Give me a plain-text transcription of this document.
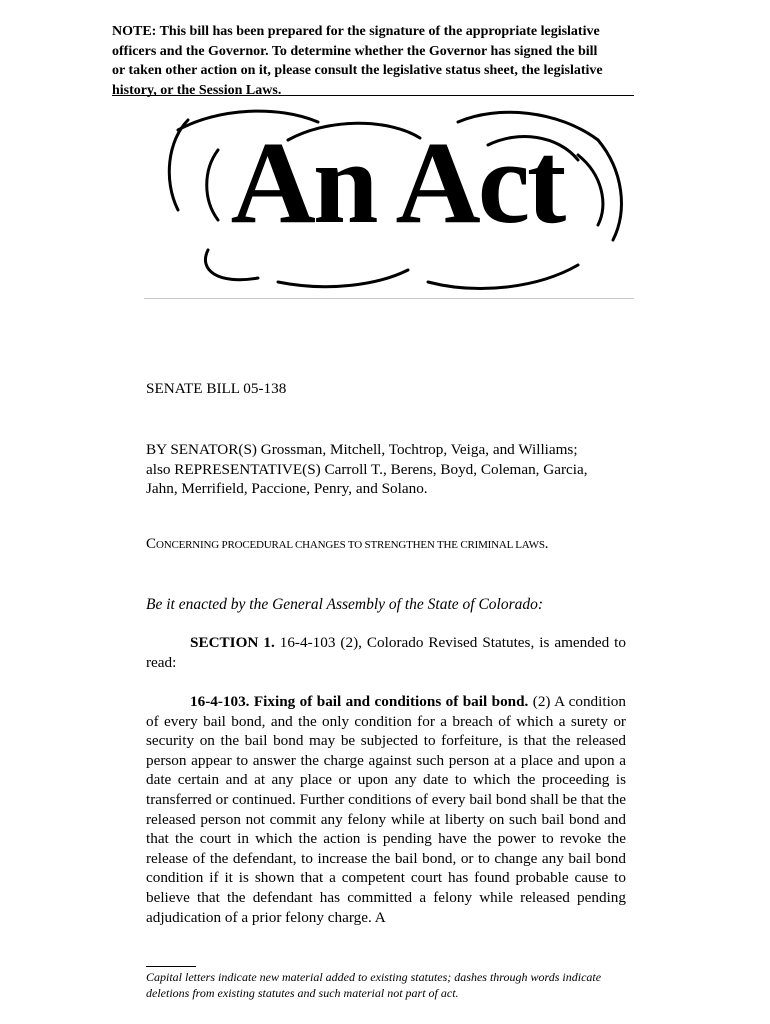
NOTE: This bill has been prepared for the signature of the appropriate legislative
officers and the Governor. To determine whether the Governor has signed the bill
or taken other action on it, please consult the legislative status sheet, the legislative
history, or the Session Laws.
An Act
SENATE BILL 05-138
BY SENATOR(S) Grossman, Mitchell, Tochtrop, Veiga, and Williams;
also REPRESENTATIVE(S) Carroll T., Berens, Boyd, Coleman, Garcia,
Jahn, Merrifield, Paccione, Penry, and Solano.
CONCERNING PROCEDURAL CHANGES TO STRENGTHEN THE CRIMINAL LAWS.
Be it enacted by the General Assembly of the State of Colorado:
SECTION 1. 16-4-103 (2), Colorado Revised Statutes, is amended to read:
16-4-103. Fixing of bail and conditions of bail bond. (2) A condition of every bail bond, and the only condition for a breach of which a surety or security on the bail bond may be subjected to forfeiture, is that the released person appear to answer the charge against such person at a place and upon a date certain and at any place or upon any date to which the proceeding is transferred or continued. Further conditions of every bail bond shall be that the released person not commit any felony while at liberty on such bail bond and that the court in which the action is pending have the power to revoke the release of the defendant, to increase the bail bond, or to change any bail bond condition if it is shown that a competent court has found probable cause to believe that the defendant has committed a felony while released pending adjudication of a prior felony charge. A
Capital letters indicate new material added to existing statutes; dashes through words indicate
deletions from existing statutes and such material not part of act.
